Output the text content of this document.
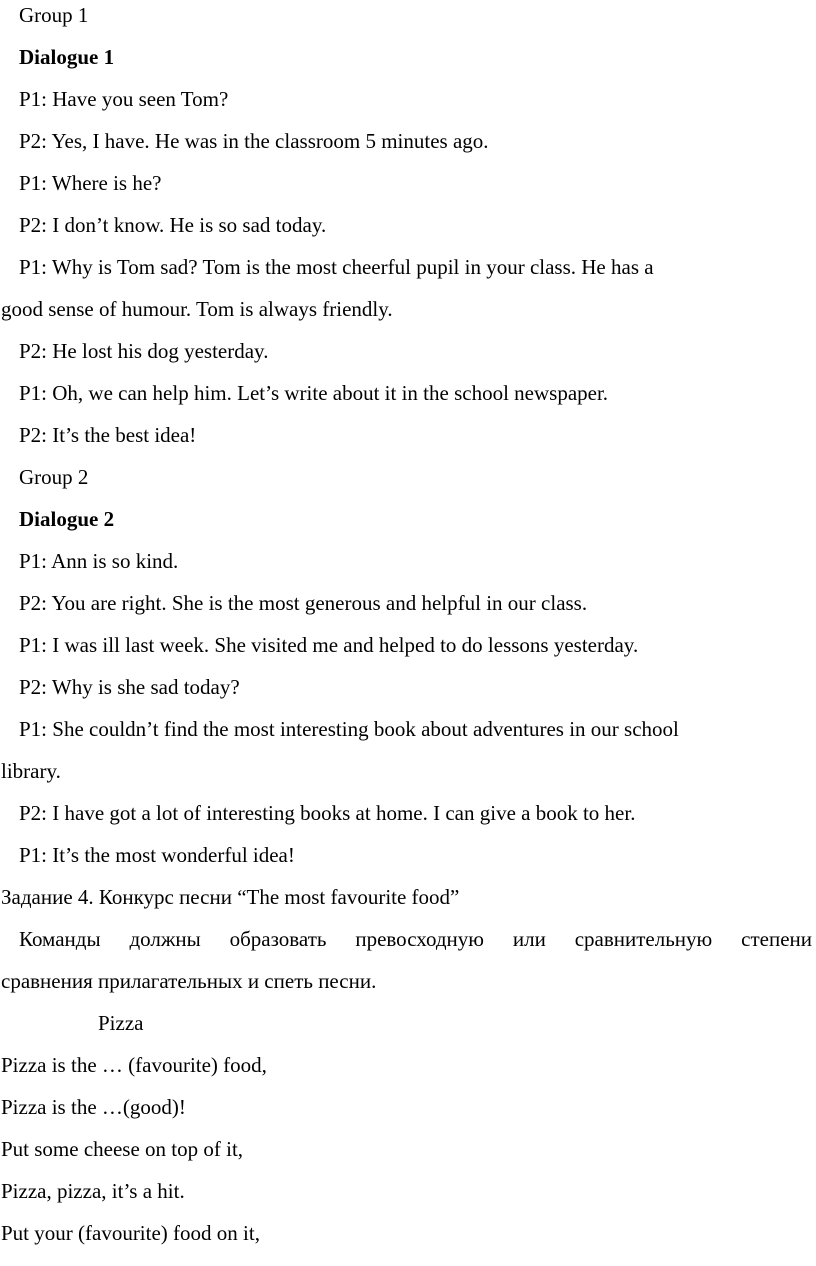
Group 1
Dialogue 1
P1: Have you seen Tom?
P2: Yes, I have. He was in the classroom 5 minutes ago.
P1: Where is he?
P2: I don’t know. He is so sad today.
P1: Why is Tom sad? Tom is the most cheerful pupil in your class. He has a
good sense of humour. Tom is always friendly.
P2: He lost his dog yesterday.
P1: Oh, we can help him. Let’s write about it in the school newspaper.
P2: It’s the best idea!
Group 2
Dialogue 2
P1: Ann is so kind.
P2: You are right. She is the most generous and helpful in our class.
P1: I was ill last week. She visited me and helped to do lessons yesterday.
P2: Why is she sad today?
P1: She couldn’t find the most interesting book about adventures in our school
library.
P2: I have got a lot of interesting books at home. I can give a book to her.
P1: It’s the most wonderful idea!
Задание 4. Конкурс песни “The most favourite food”
Команды должны образовать превосходную или сравнительную степени
сравнения прилагательных и спеть песни.
Pizza
Pizza is the … (favourite) food,
Pizza is the …(good)!
Put some cheese on top of it,
Pizza, pizza, it’s a hit.
Put your (favourite) food on it,
